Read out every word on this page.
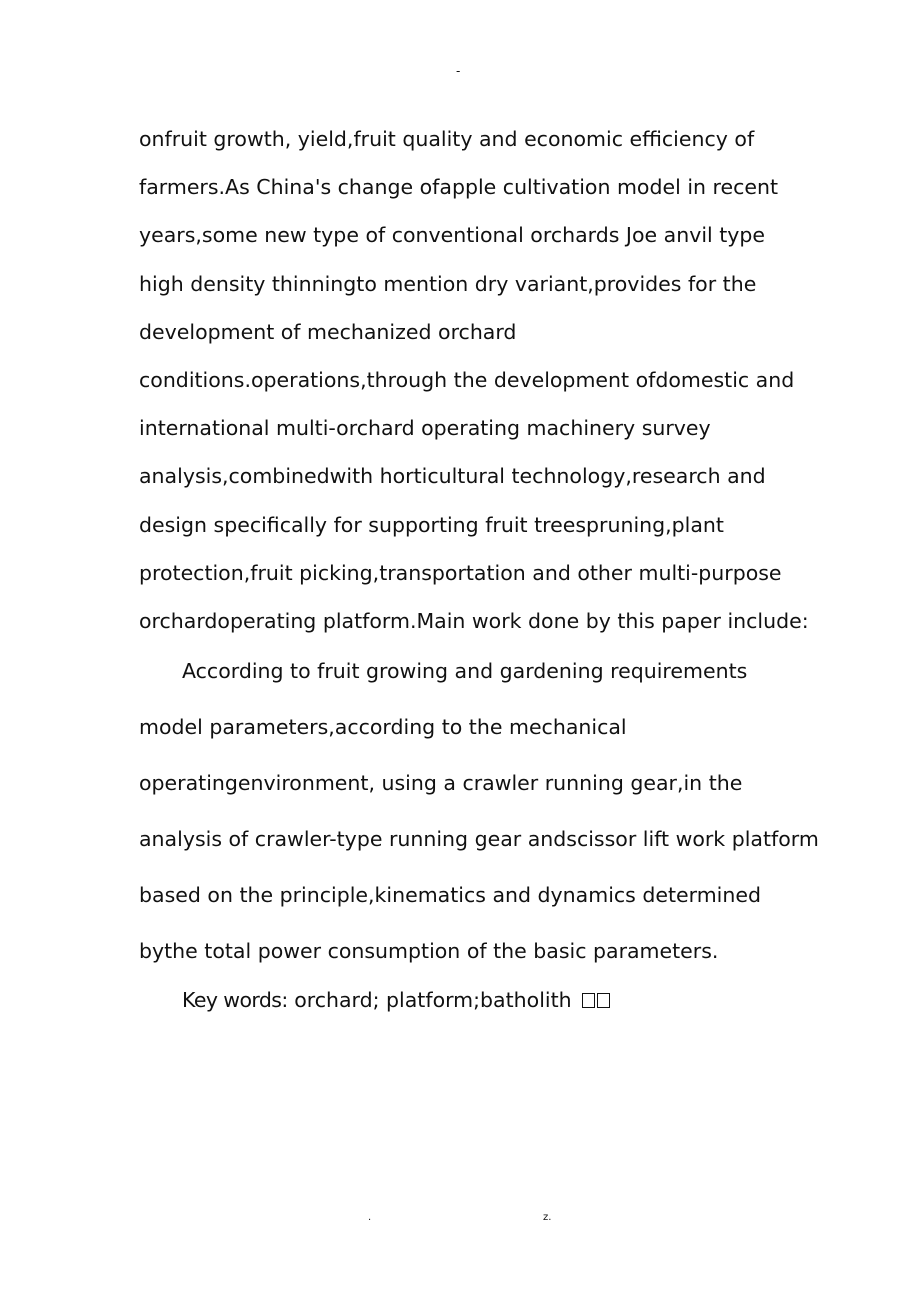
-
onfruit growth, yield,fruit quality and economic efficiency of
farmers.As China's change ofapple cultivation model in recent
years,some new type of conventional orchards Joe anvil type
high density thinningto mention dry variant,provides for the
development of mechanized orchard
conditions.operations,through the development ofdomestic and
international multi-orchard operating machinery survey
analysis,combinedwith horticultural technology,research and
design specifically for supporting fruit treespruning,plant
protection,fruit picking,transportation and other multi-purpose
orchardoperating platform.Main work done by this paper include:
According to fruit growing and gardening requirements
model parameters,according to the mechanical
operatingenvironment, using a crawler running gear,in the
analysis of crawler-type running gear andscissor lift work platform
based on the principle,kinematics and dynamics determined
bythe total power consumption of the basic parameters.
Key words: orchard; platform;batholith
.	z.
